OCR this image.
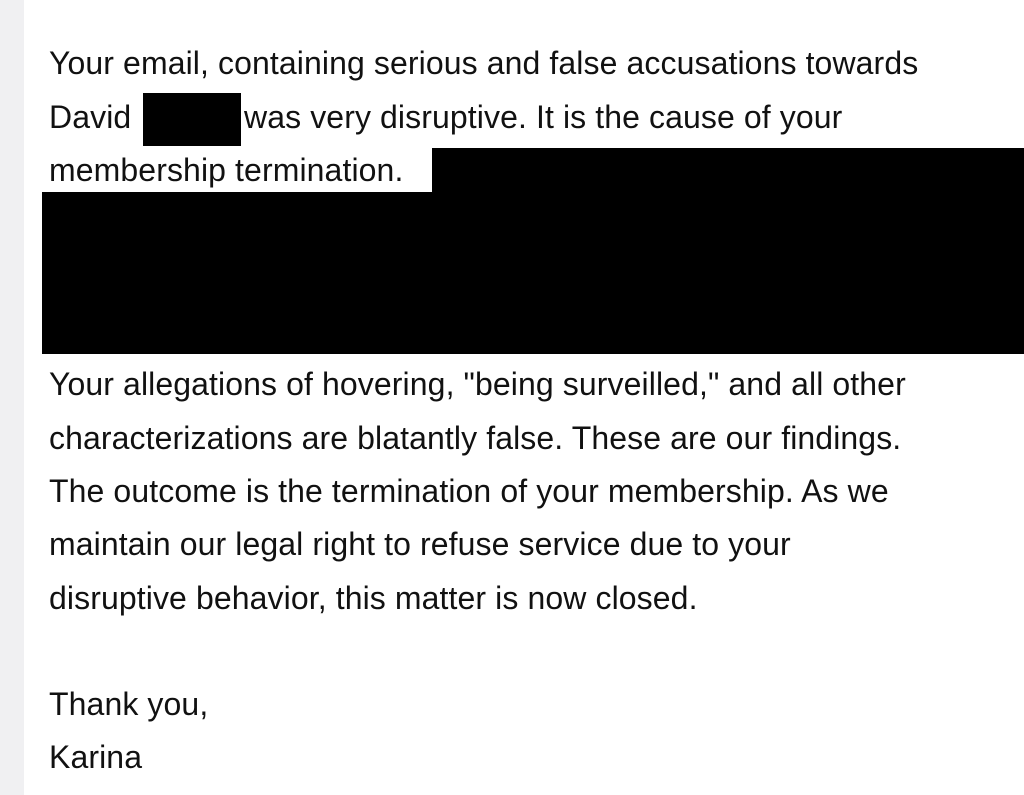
Your email, containing serious and false accusations towards
David	was very disruptive. It is the cause of your
membership termination.
Your allegations of hovering, "being surveilled," and all other
characterizations are blatantly false. These are our findings.
The outcome is the termination of your membership. As we
maintain our legal right to refuse service due to your
disruptive behavior, this matter is now closed.
Thank you,
Karina
